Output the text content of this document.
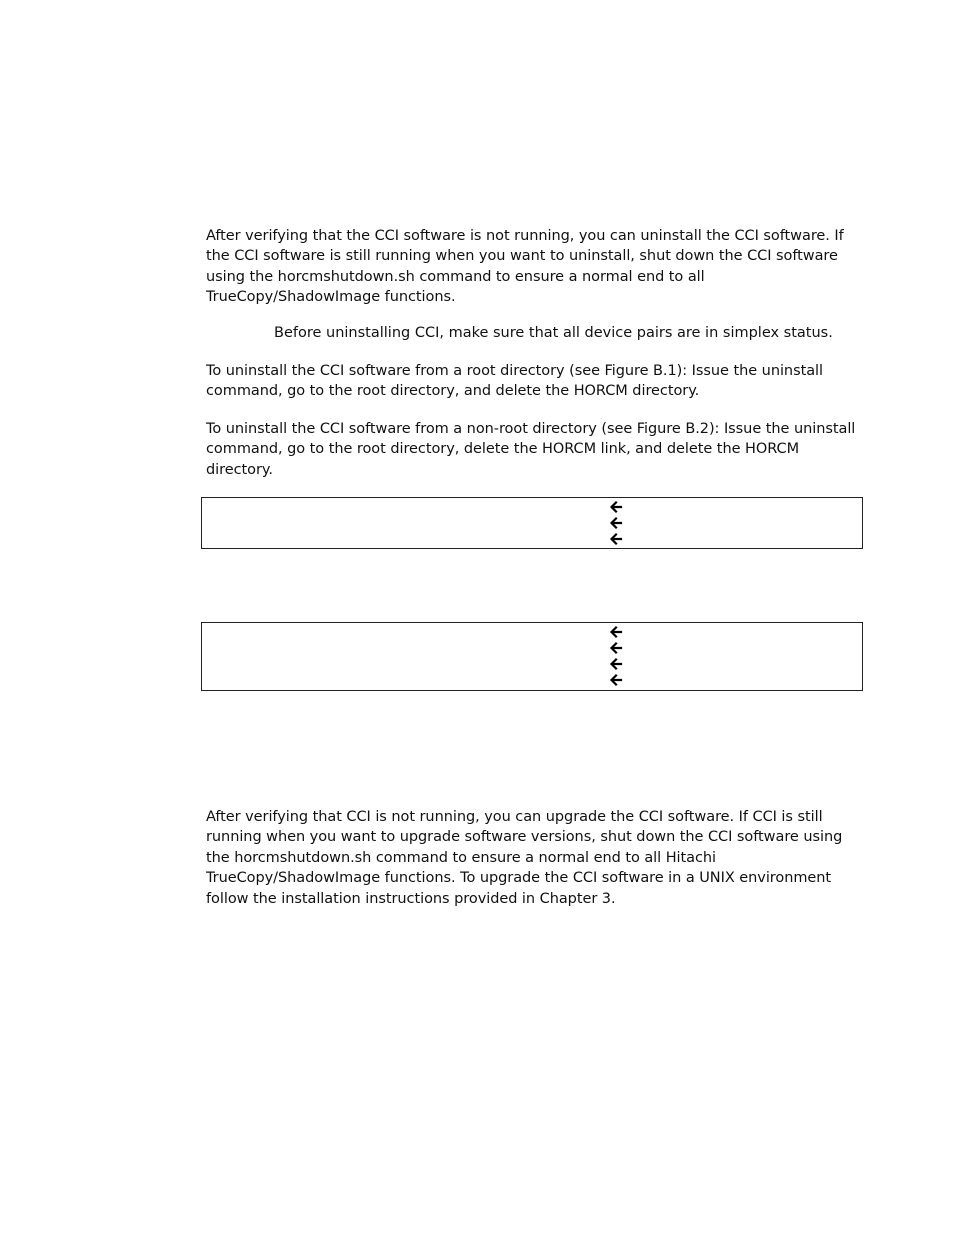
After verifying that the CCI software is not running, you can uninstall the CCI software. If the CCI software is still running when you want to uninstall, shut down the CCI software using the horcmshutdown.sh command to ensure a normal end to all TrueCopy/ShadowImage functions.

Before uninstalling CCI, make sure that all device pairs are in simplex status.

To uninstall the CCI software from a root directory (see Figure B.1): Issue the uninstall command, go to the root directory, and delete the HORCM directory.

To uninstall the CCI software from a non-root directory (see Figure B.2): Issue the uninstall command, go to the root directory, delete the HORCM link, and delete the HORCM directory.

After verifying that CCI is not running, you can upgrade the CCI software. If CCI is still running when you want to upgrade software versions, shut down the CCI software using the horcmshutdown.sh command to ensure a normal end to all Hitachi TrueCopy/ShadowImage functions. To upgrade the CCI software in a UNIX environment follow the installation instructions provided in Chapter 3.
